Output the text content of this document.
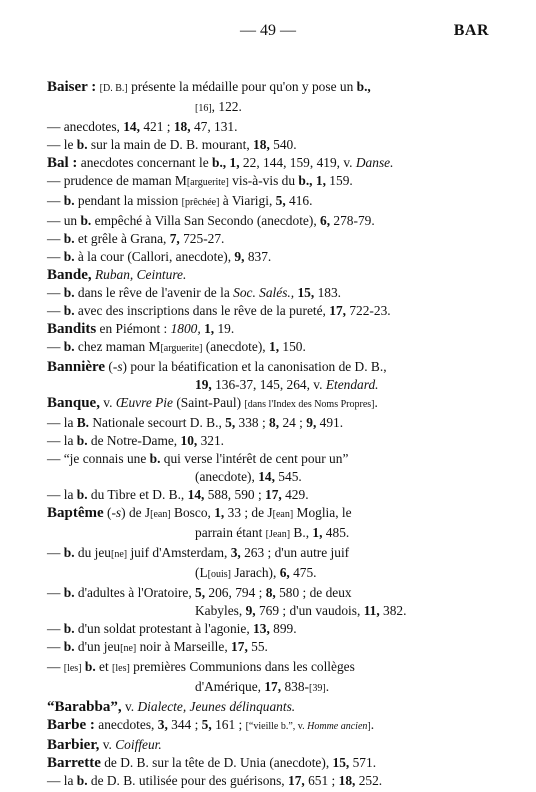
— 49 —	BAR
Baiser : [D. B.] présente la médaille pour qu'on y pose un b.,
[16], 122.
— anecdotes, 14, 421 ; 18, 47, 131.
— le b. sur la main de D. B. mourant, 18, 540.
Bal : anecdotes concernant le b., 1, 22, 144, 159, 419, v. Danse.
— prudence de maman M[arguerite] vis-à-vis du b., 1, 159.
— b. pendant la mission [prêchée] à Viarigi, 5, 416.
— un b. empêché à Villa San Secondo (anecdote), 6, 278-79.
— b. et grêle à Grana, 7, 725-27.
— b. à la cour (Callori, anecdote), 9, 837.
Bande, Ruban, Ceinture.
— b. dans le rêve de l'avenir de la Soc. Salés., 15, 183.
— b. avec des inscriptions dans le rêve de la pureté, 17, 722-23.
Bandits en Piémont : 1800, 1, 19.
— b. chez maman M[arguerite] (anecdote), 1, 150.
Bannière (-s) pour la béatification et la canonisation de D. B.,
19, 136-37, 145, 264, v. Etendard.
Banque, v. Œuvre Pie (Saint-Paul) [dans l'Index des Noms Propres].
— la B. Nationale secourt D. B., 5, 338 ; 8, 24 ; 9, 491.
— la b. de Notre-Dame, 10, 321.
— “je connais une b. qui verse l'intérêt de cent pour un”
(anecdote), 14, 545.
— la b. du Tibre et D. B., 14, 588, 590 ; 17, 429.
Baptême (-s) de J[ean] Bosco, 1, 33 ; de J[ean] Moglia, le
parrain étant [Jean] B., 1, 485.
— b. du jeu[ne] juif d'Amsterdam, 3, 263 ; d'un autre juif
(L[ouis] Jarach), 6, 475.
— b. d'adultes à l'Oratoire, 5, 206, 794 ; 8, 580 ; de deux
Kabyles, 9, 769 ; d'un vaudois, 11, 382.
— b. d'un soldat protestant à l'agonie, 13, 899.
— b. d'un jeu[ne] noir à Marseille, 17, 55.
— [les] b. et [les] premières Communions dans les collèges
d'Amérique, 17, 838-[39].
“Barabba”, v. Dialecte, Jeunes délinquants.
Barbe : anecdotes, 3, 344 ; 5, 161 ; [“vieille b.”, v. Homme ancien].
Barbier, v. Coiffeur.
Barrette de D. B. sur la tête de D. Unia (anecdote), 15, 571.
— la b. de D. B. utilisée pour des guérisons, 17, 651 ; 18, 252.
